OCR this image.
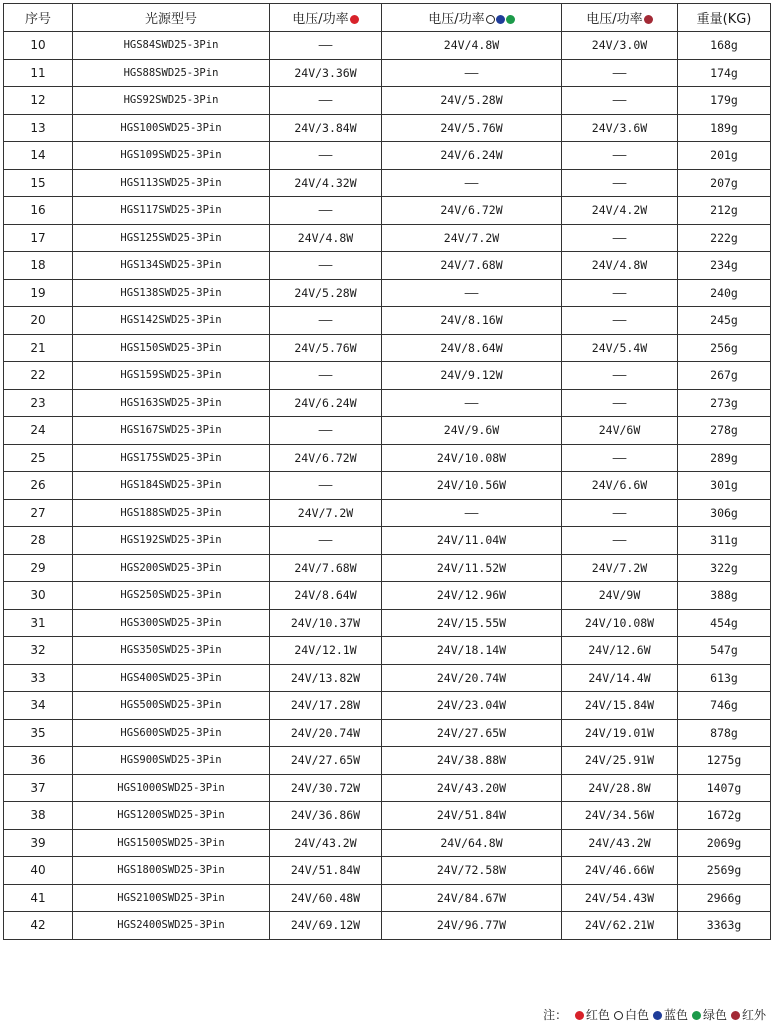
序号	光源型号	电压/功率	电压/功率	电压/功率	重量(KG)
10	HGS84SWD25-3Pin	——	24V/4.8W	24V/3.0W	168g
11	HGS88SWD25-3Pin	24V/3.36W	——	——	174g
12	HGS92SWD25-3Pin	——	24V/5.28W	——	179g
13	HGS100SWD25-3Pin	24V/3.84W	24V/5.76W	24V/3.6W	189g
14	HGS109SWD25-3Pin	——	24V/6.24W	——	201g
15	HGS113SWD25-3Pin	24V/4.32W	——	——	207g
16	HGS117SWD25-3Pin	——	24V/6.72W	24V/4.2W	212g
17	HGS125SWD25-3Pin	24V/4.8W	24V/7.2W	——	222g
18	HGS134SWD25-3Pin	——	24V/7.68W	24V/4.8W	234g
19	HGS138SWD25-3Pin	24V/5.28W	——	——	240g
20	HGS142SWD25-3Pin	——	24V/8.16W	——	245g
21	HGS150SWD25-3Pin	24V/5.76W	24V/8.64W	24V/5.4W	256g
22	HGS159SWD25-3Pin	——	24V/9.12W	——	267g
23	HGS163SWD25-3Pin	24V/6.24W	——	——	273g
24	HGS167SWD25-3Pin	——	24V/9.6W	24V/6W	278g
25	HGS175SWD25-3Pin	24V/6.72W	24V/10.08W	——	289g
26	HGS184SWD25-3Pin	——	24V/10.56W	24V/6.6W	301g
27	HGS188SWD25-3Pin	24V/7.2W	——	——	306g
28	HGS192SWD25-3Pin	——	24V/11.04W	——	311g
29	HGS200SWD25-3Pin	24V/7.68W	24V/11.52W	24V/7.2W	322g
30	HGS250SWD25-3Pin	24V/8.64W	24V/12.96W	24V/9W	388g
31	HGS300SWD25-3Pin	24V/10.37W	24V/15.55W	24V/10.08W	454g
32	HGS350SWD25-3Pin	24V/12.1W	24V/18.14W	24V/12.6W	547g
33	HGS400SWD25-3Pin	24V/13.82W	24V/20.74W	24V/14.4W	613g
34	HGS500SWD25-3Pin	24V/17.28W	24V/23.04W	24V/15.84W	746g
35	HGS600SWD25-3Pin	24V/20.74W	24V/27.65W	24V/19.01W	878g
36	HGS900SWD25-3Pin	24V/27.65W	24V/38.88W	24V/25.91W	1275g
37	HGS1000SWD25-3Pin	24V/30.72W	24V/43.20W	24V/28.8W	1407g
38	HGS1200SWD25-3Pin	24V/36.86W	24V/51.84W	24V/34.56W	1672g
39	HGS1500SWD25-3Pin	24V/43.2W	24V/64.8W	24V/43.2W	2069g
40	HGS1800SWD25-3Pin	24V/51.84W	24V/72.58W	24V/46.66W	2569g
41	HGS2100SWD25-3Pin	24V/60.48W	24V/84.67W	24V/54.43W	2966g
42	HGS2400SWD25-3Pin	24V/69.12W	24V/96.77W	24V/62.21W	3363g
注： 红色 白色 蓝色 绿色 红外
